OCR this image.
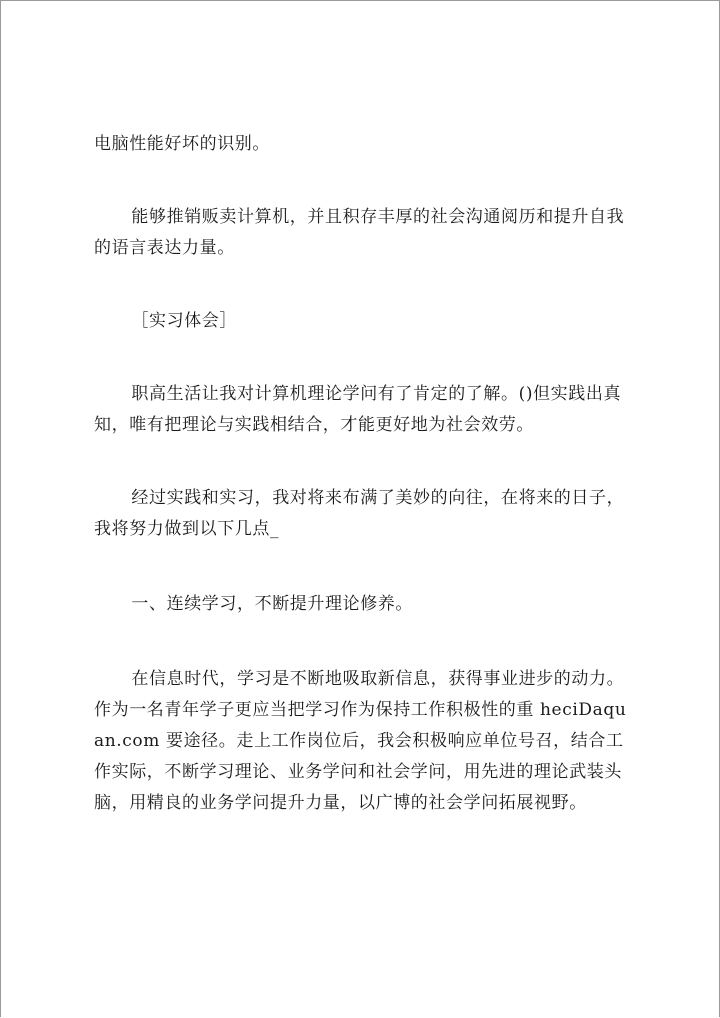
电脑性能好坏的识别。

能够推销贩卖计算机，并且积存丰厚的社会沟通阅历和提升自我的语言表达力量。

［实习体会］

职高生活让我对计算机理论学问有了肯定的了解。()但实践出真知，唯有把理论与实践相结合，才能更好地为社会效劳。

经过实践和实习，我对将来布满了美妙的向往，在将来的日子，我将努力做到以下几点_

一、连续学习，不断提升理论修养。

在信息时代，学习是不断地吸取新信息，获得事业进步的动力。作为一名青年学子更应当把学习作为保持工作积极性的重 heciDaquan.com 要途径。走上工作岗位后，我会积极响应单位号召，结合工作实际，不断学习理论、业务学问和社会学问，用先进的理论武装头脑，用精良的业务学问提升力量，以广博的社会学问拓展视野。
